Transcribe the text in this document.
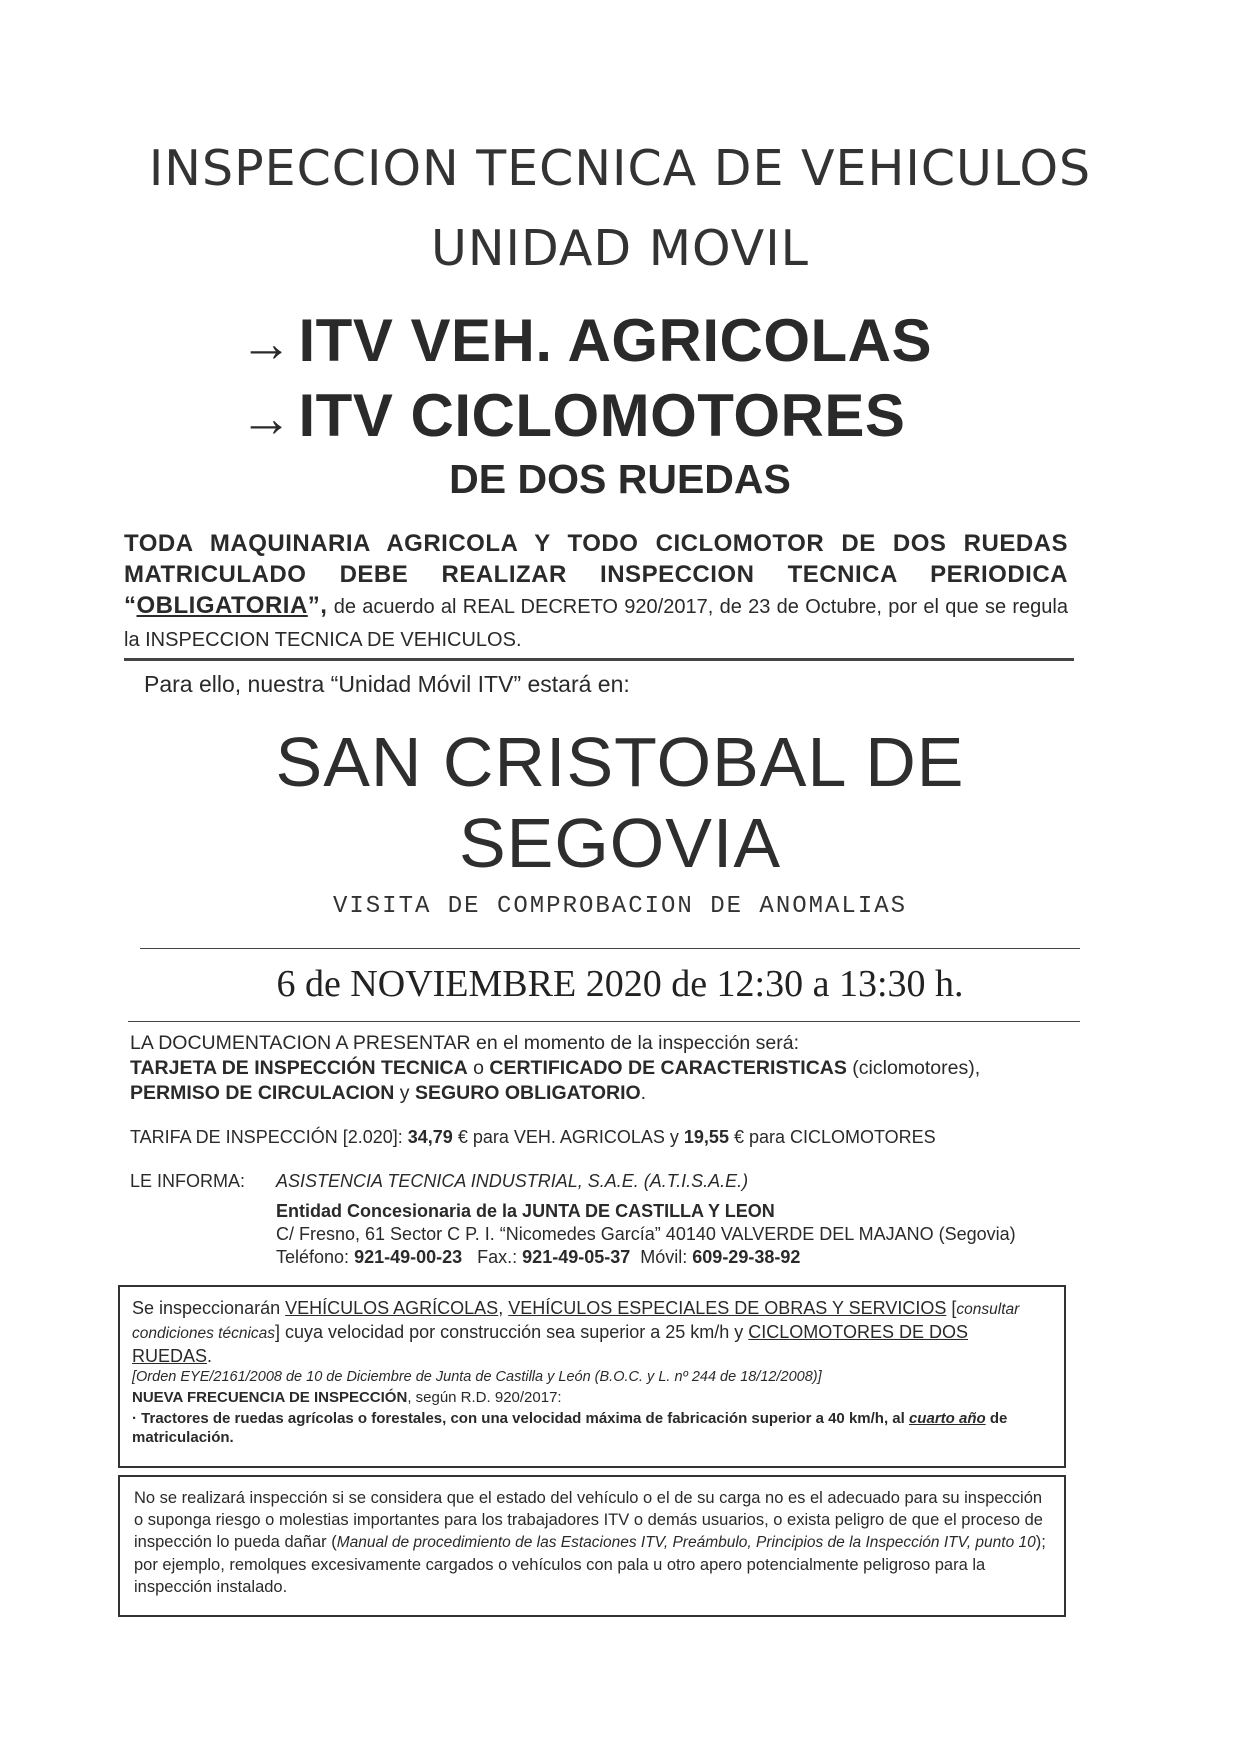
INSPECCION TECNICA DE VEHICULOS
UNIDAD MOVIL
→ ITV VEH. AGRICOLAS
→ ITV CICLOMOTORES
DE DOS RUEDAS
TODA MAQUINARIA AGRICOLA Y TODO CICLOMOTOR DE DOS RUEDAS MATRICULADO DEBE REALIZAR INSPECCION TECNICA PERIODICA “OBLIGATORIA”, de acuerdo al REAL DECRETO 920/2017, de 23 de Octubre, por el que se regula la INSPECCION TECNICA DE VEHICULOS.
Para ello, nuestra “Unidad Móvil ITV” estará en:
SAN CRISTOBAL DE
SEGOVIA
VISITA DE COMPROBACION DE ANOMALIAS
6 de NOVIEMBRE 2020 de 12:30 a 13:30 h.
LA DOCUMENTACION A PRESENTAR en el momento de la inspección será:
TARJETA DE INSPECCIÓN TECNICA o CERTIFICADO DE CARACTERISTICAS (ciclomotores),
PERMISO DE CIRCULACION y SEGURO OBLIGATORIO.
TARIFA DE INSPECCIÓN [2.020]: 34,79 € para VEH. AGRICOLAS y 19,55 € para CICLOMOTORES
LE INFORMA: ASISTENCIA TECNICA INDUSTRIAL, S.A.E. (A.T.I.S.A.E.)
Entidad Concesionaria de la JUNTA DE CASTILLA Y LEON
C/ Fresno, 61 Sector C P. I. “Nicomedes García” 40140 VALVERDE DEL MAJANO (Segovia)
Teléfono: 921-49-00-23   Fax.: 921-49-05-37  Móvil: 609-29-38-92

Se inspeccionarán VEHÍCULOS AGRÍCOLAS, VEHÍCULOS ESPECIALES DE OBRAS Y SERVICIOS [consultar condiciones técnicas] cuya velocidad por construcción sea superior a 25 km/h y CICLOMOTORES DE DOS RUEDAS.

[Orden EYE/2161/2008 de 10 de Diciembre de Junta de Castilla y León (B.O.C. y L. nº 244 de 18/12/2008)]

NUEVA FRECUENCIA DE INSPECCIÓN, según R.D. 920/2017:

· Tractores de ruedas agrícolas o forestales, con una velocidad máxima de fabricación superior a 40 km/h, al cuarto año de matriculación.

No se realizará inspección si se considera que el estado del vehículo o el de su carga no es el adecuado para su inspección o suponga riesgo o molestias importantes para los trabajadores ITV o demás usuarios, o exista peligro de que el proceso de inspección lo pueda dañar (Manual de procedimiento de las Estaciones ITV, Preámbulo, Principios de la Inspección ITV, punto 10); por ejemplo, remolques excesivamente cargados o vehículos con pala u otro apero potencialmente peligroso para la inspección instalado.
